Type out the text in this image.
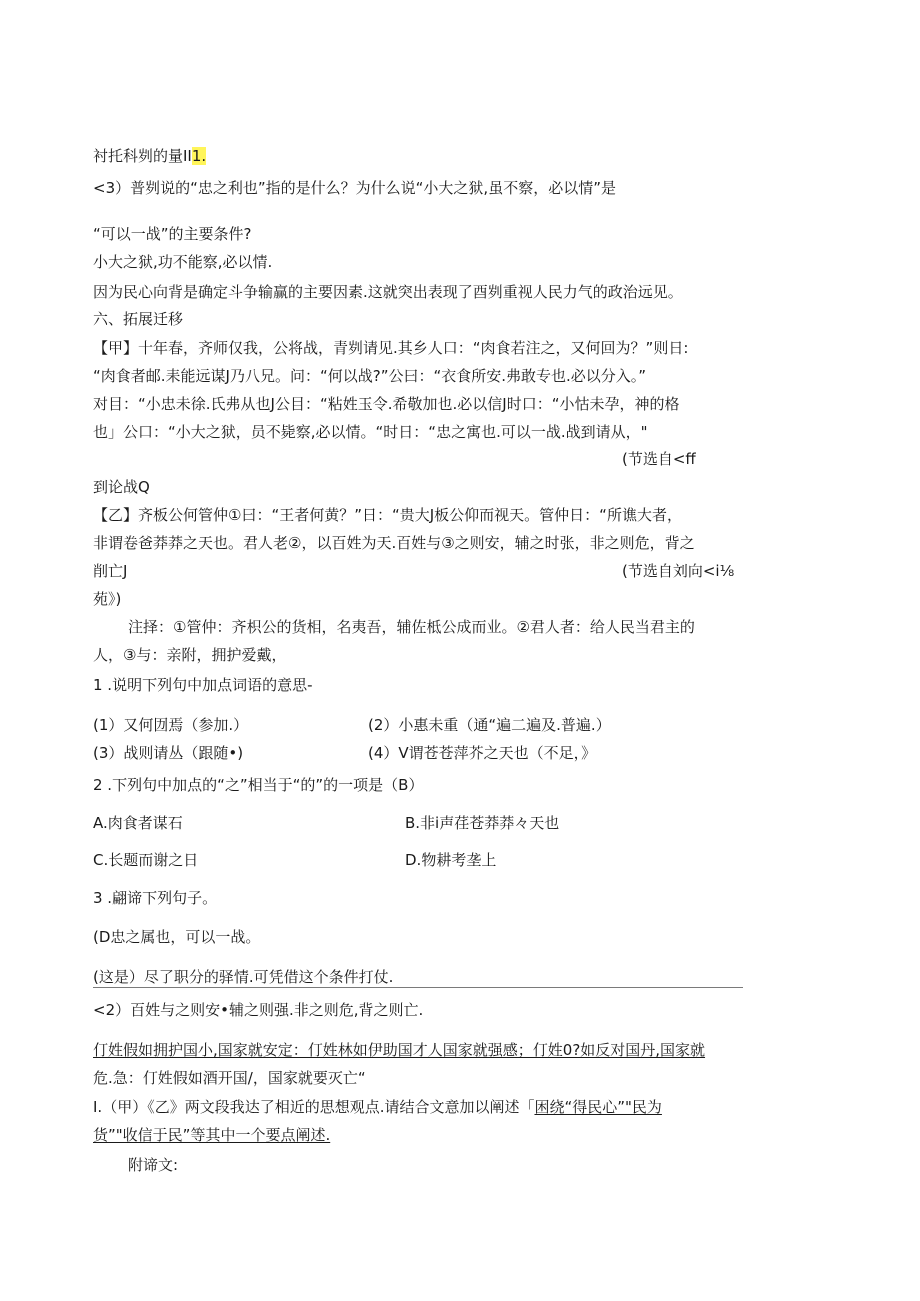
衬托科刿的量II1.
<3）普刿说的“忠之利也”指的是什么？为什么说“小大之狱,虽不察，必以情”是
“可以一战”的主要条件?
小大之狱,功不能察,必以情.
因为民心向背是确定斗争输赢的主要因素.这就突出表现了酉刿重视人民力气的政治远见。
六、拓展迁移
【甲】十年春，齐师仅我，公将战，青刿请见.其乡人口：“肉食若注之，又何回为？”则日:
“肉食者邮.耒能远谋J乃八兄。问：“何以战?”公曰：“衣食所安.弗敢专也.必以分入。”
对目：“小忠未徐.氏弗从也J公目：“粘姓玉令.希敬加也.必以信J时口：“小怙未孕，神的格
也」公口：“小大之狱，员不毙察,必以情。“时日：“忠之寓也.可以一战.战到请从，"
(节选自<ff
到论战Q
【乙】齐板公何管仲①曰：“王者何黄？”日：“贵大J板公仰而视天。管仲日：“所谯大者，
非谓卷爸莽莽之天也。君人老②，以百姓为天.百姓与③之则安，辅之时张，非之则危，背之
削亡J	(节选自刘向<i⅛
苑》)
注择：①管仲：齐枳公的货相，名夷吾，辅佐柢公成而业。②君人者：给人民当君主的
人，③与：亲附，拥护爱戴，
1 .说明下列句中加点词语的意思-
(1）又何㘞焉（参加.）	(2）小惠未重（通“遍二遍及.普遍.）
(3）战则请丛（跟随•)	(4）V谓苍苍萍芥之天也（不足，》
2 .下列句中加点的“之”相当于“的”的一项是（B）
A.肉食者谋石	B.非i声荏苍莽莽々天也
C.长题而谢之日	D.物耕考垄上
3 .翩谛下列句子。
(D忠之属也，可以一战。
(这是）尽了职分的驿情.可凭借这个条件打仗.
<2）百姓与之则安•辅之则强.非之则危,背之则亡.
仃姓假如拥护国小,国家就安定：仃姓林如伊助国才人国家就强感；仃姓0?如反对国丹,国家就
危.急：仃姓假如酒开国/，国家就要灭亡“
I.（甲）《乙》两文段我达了相近的思想观点.请结合文意加以阐述「困绕“得民心”"民为
货”"收信于民”等其中一个要点阐述.
附谛文:
